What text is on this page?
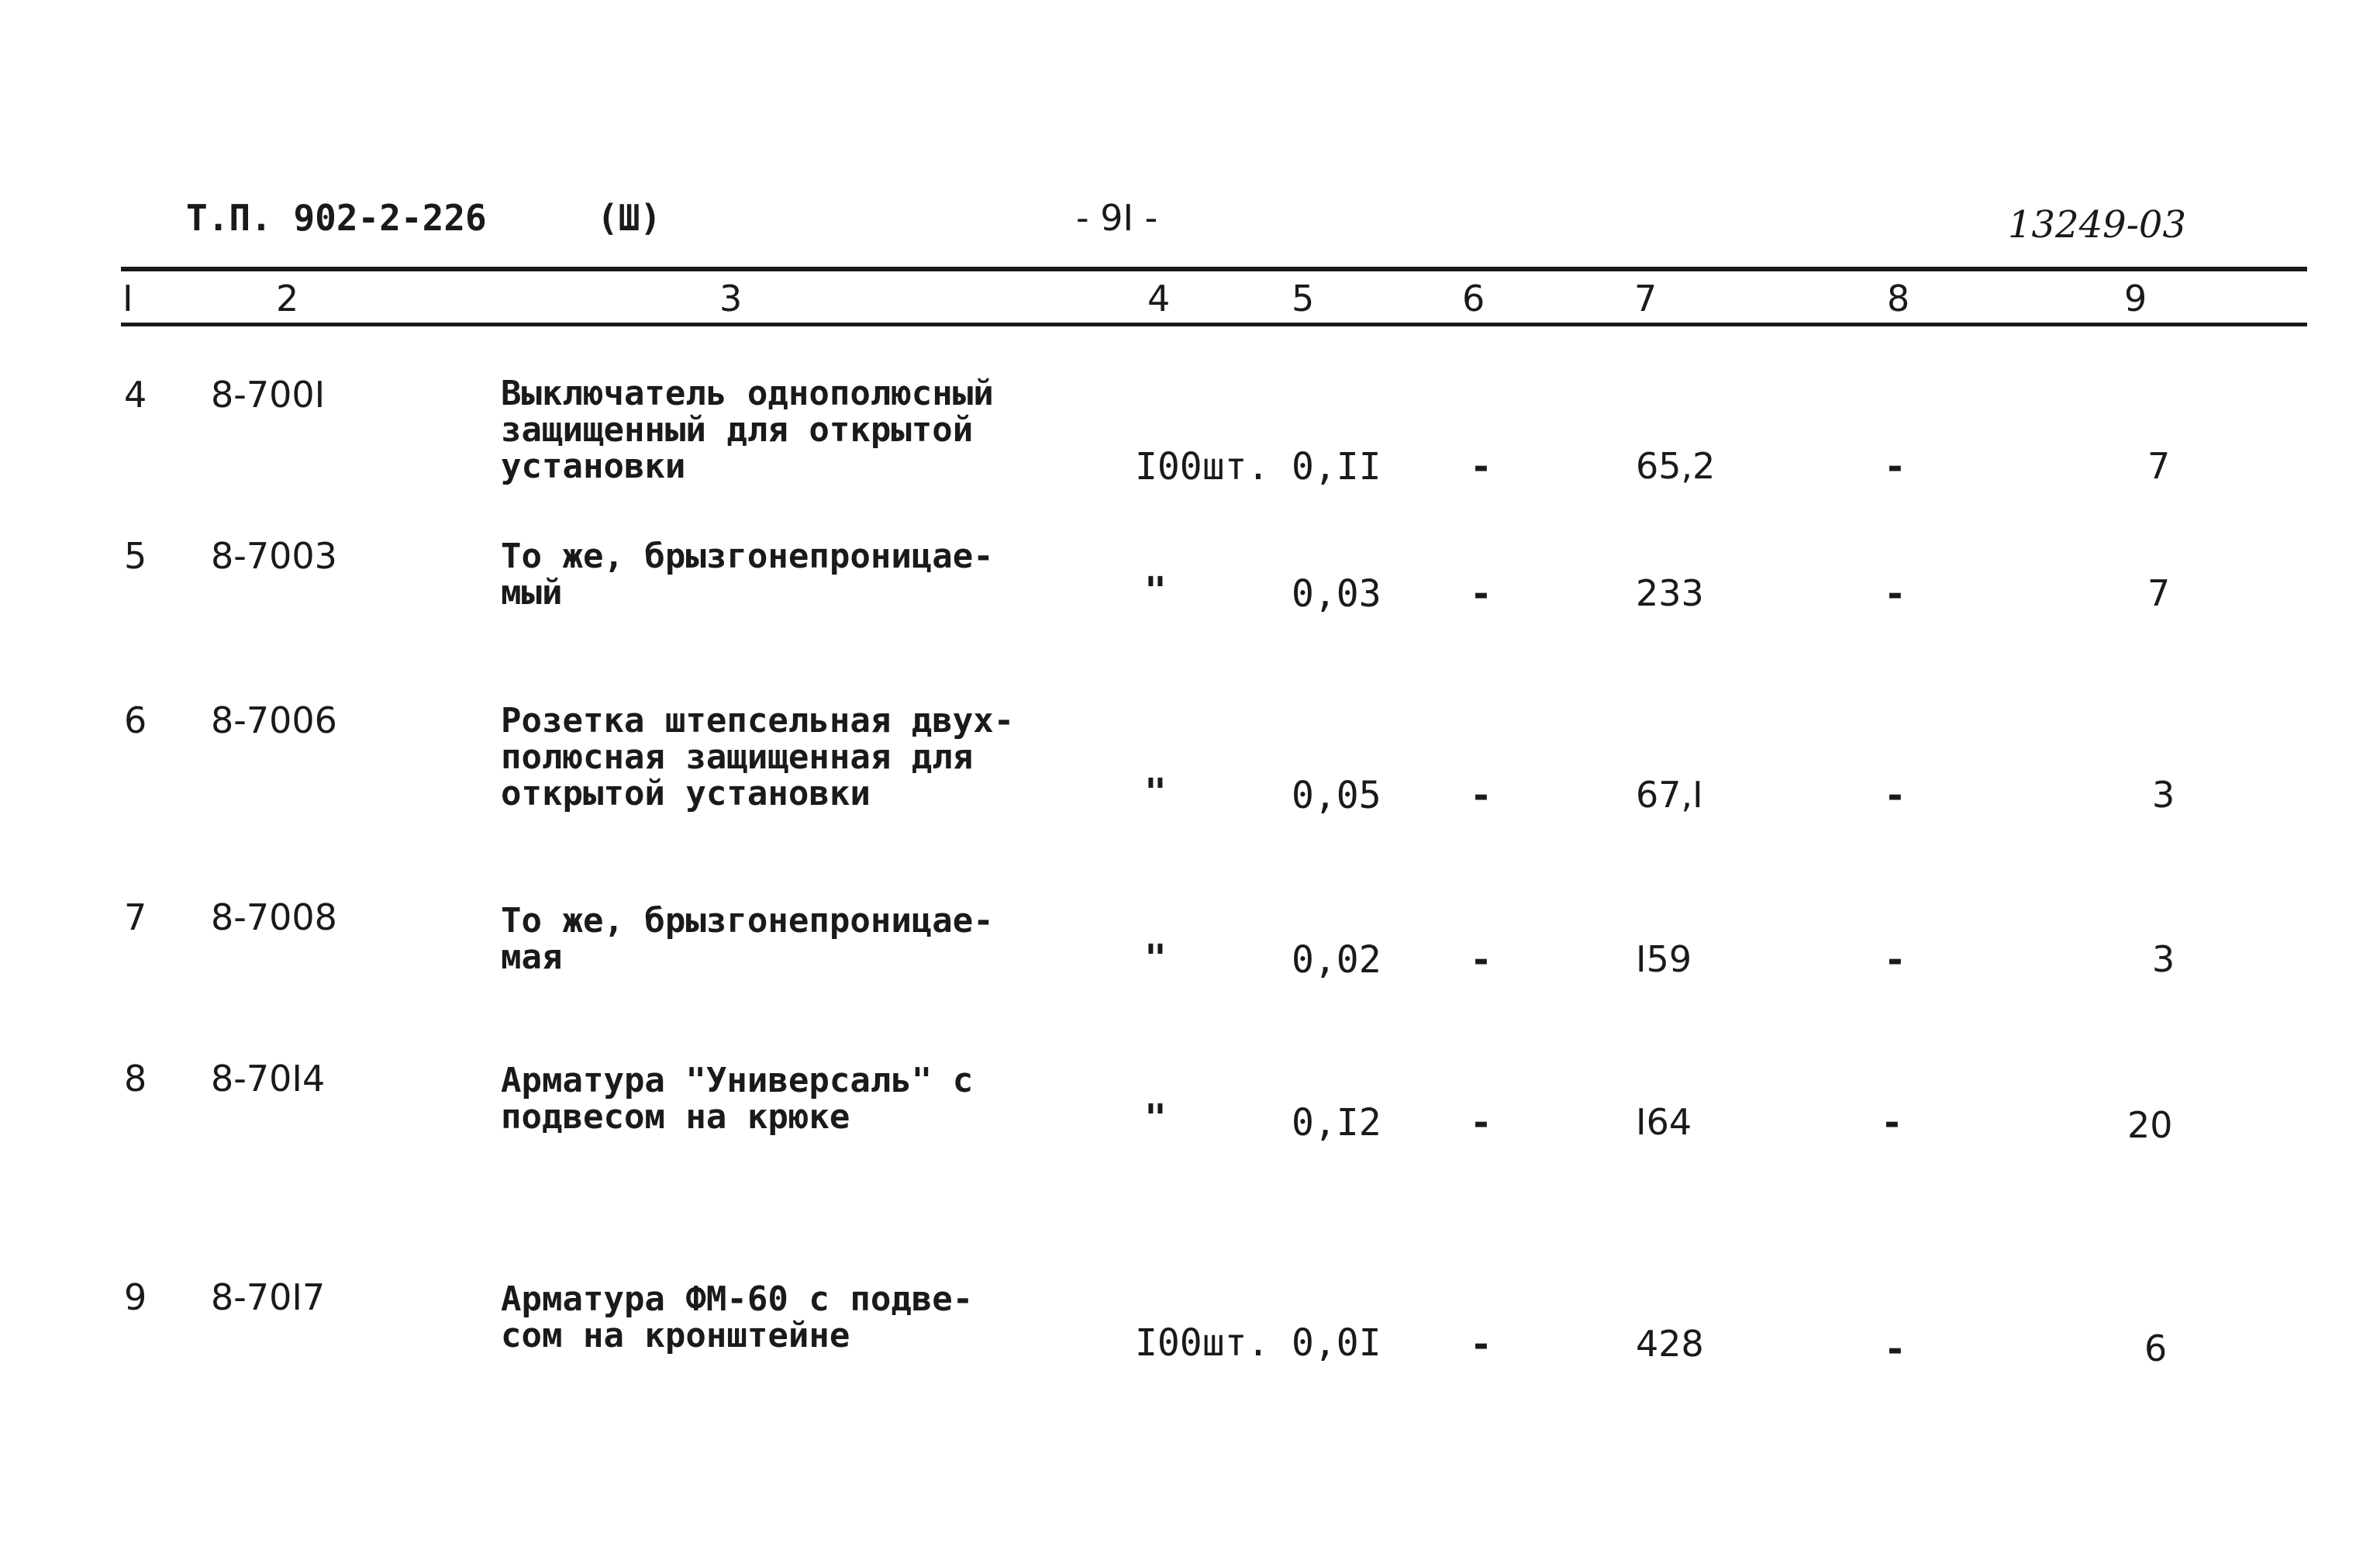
Т.П. 902-2-226	(Ш)	- 9I -	13249-03
I	2	3	4	5	6	7	8	9
4 8-700I	Выключатель однополюсный
защищенный для открытой
установки	I00шт. 0,II -	65,2	-	7
5 8-7003	То же, брызгонепроницае-
мый	"	0,03 -	233	-	7
6 8-7006	Розетка штепсельная двух-
полюсная защищенная для
открытой установки	"	0,05 -	67,I	-	3
7 8-7008	То же, брызгонепроницае-
мая	"	0,02 -	I59	-	3
8 8-70I4	Арматура "Универсаль" с
подвесом на крюке	"	0,I2 -	I64	-	20
9 8-70I7	Арматура ФМ-60 с подве-
сом на кронштейне	I00шт. 0,0I -	428	-	6
